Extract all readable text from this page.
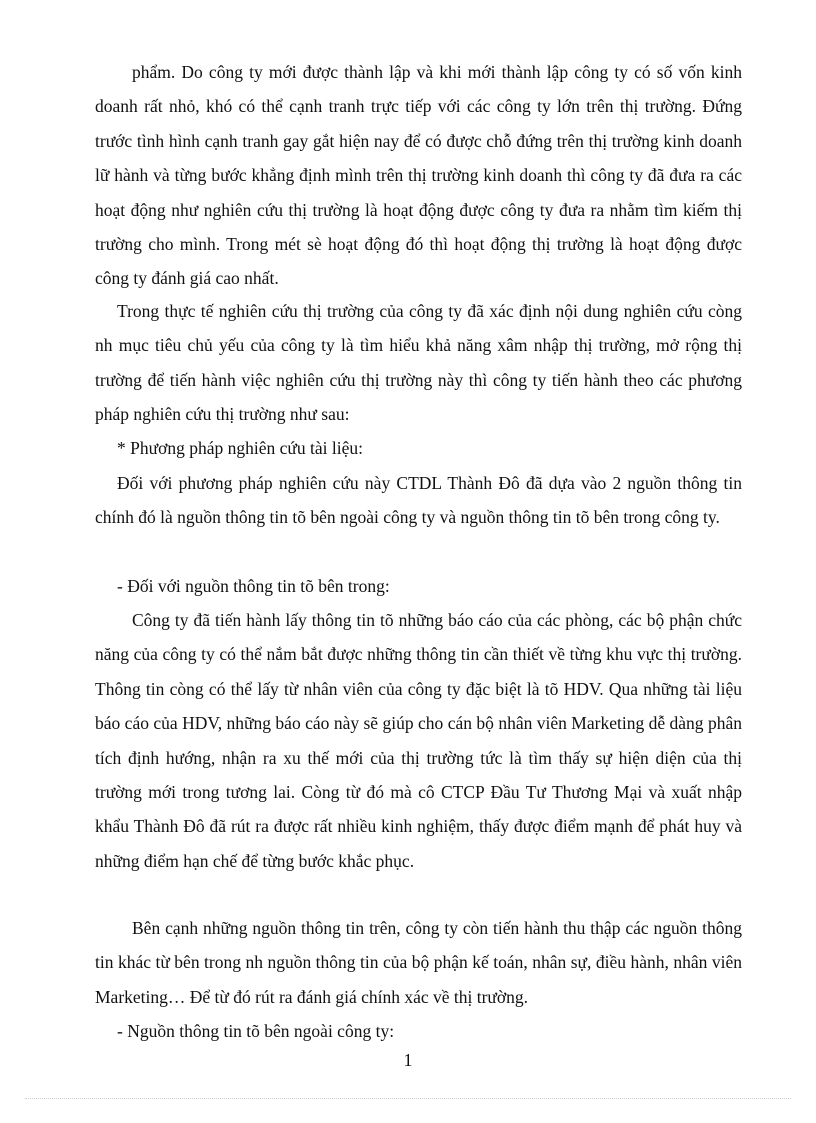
phẩm. Do công ty mới được thành lập và khi mới thành lập công ty có số vốn kinh doanh rất nhỏ, khó có thể cạnh tranh trực tiếp với các công ty lớn trên thị trường. Đứng trước tình hình cạnh tranh gay gắt hiện nay để có được chỗ đứng trên thị trường kinh doanh lữ hành và từng bước khẳng định mình trên thị trường kinh doanh thì công ty đã đưa ra các hoạt động như nghiên cứu thị trường là hoạt động được công ty đưa ra nhằm tìm kiếm thị trường cho mình. Trong mét sè hoạt động đó thì hoạt động thị trường là hoạt động được công ty đánh giá cao nhất.

Trong thực tế nghiên cứu thị trường của công ty đã xác định nội dung nghiên cứu còng nh mục tiêu chủ yếu của công ty là tìm hiểu khả năng xâm nhập thị trường, mở rộng thị trường để tiến hành việc nghiên cứu thị trường này thì công ty tiến hành theo các phương pháp nghiên cứu thị trường như sau:

* Phương pháp nghiên cứu tài liệu:

Đối với phương pháp nghiên cứu này CTDL Thành Đô đã dựa vào 2 nguồn thông tin chính đó là nguồn thông tin tõ bên ngoài công ty và nguồn thông tin tõ bên trong công ty.

- Đối với nguồn thông tin tõ bên trong:

Công ty đã tiến hành lấy thông tin tõ những báo cáo của các phòng, các bộ phận chức năng của công ty có thể nắm bắt được những thông tin cần thiết về từng khu vực thị trường. Thông tin còng có thể lấy từ nhân viên của công ty đặc biệt là tõ HDV. Qua những tài liệu báo cáo của HDV, những báo cáo này sẽ giúp cho cán bộ nhân viên Marketing dễ dàng phân tích định hướng, nhận ra xu thế mới của thị trường tức là tìm thấy sự hiện diện của thị trường mới trong tương lai. Còng từ đó mà cô CTCP Đầu Tư Thương Mại và xuất nhập khẩu Thành Đô đã rút ra được rất nhiều kinh nghiệm, thấy được điểm mạnh để phát huy và những điểm hạn chế để từng bước khắc phục.

Bên cạnh những nguồn thông tin trên, công ty còn tiến hành thu thập các nguồn thông tin khác từ bên trong nh nguồn thông tin của bộ phận kế toán, nhân sự, điều hành, nhân viên Marketing… Để từ đó rút ra đánh giá chính xác về thị trường.

- Nguồn thông tin tõ bên ngoài công ty:

1
